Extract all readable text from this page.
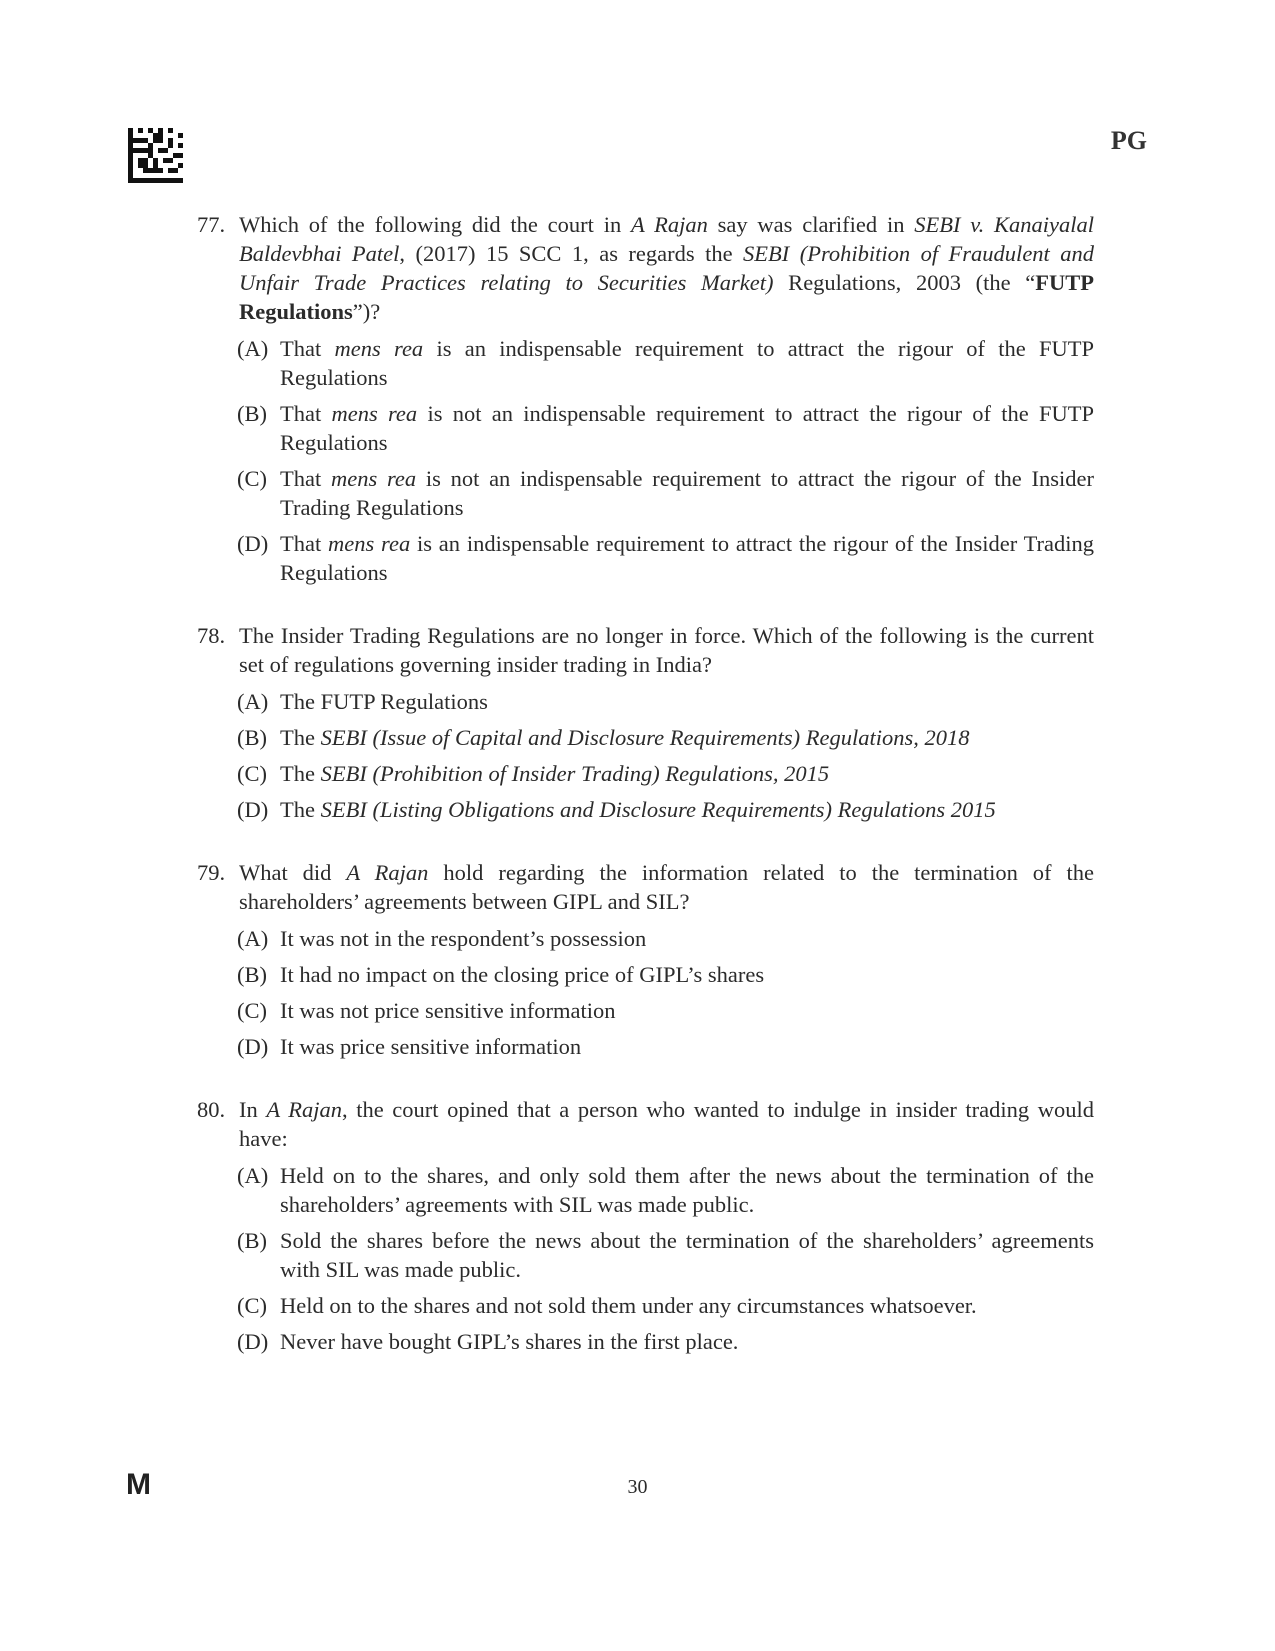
PG
77. Which of the following did the court in A Rajan say was clarified in SEBI v. Kanaiyalal Baldevbhai Patel, (2017) 15 SCC 1, as regards the SEBI (Prohibition of Fraudulent and Unfair Trade Practices relating to Securities Market) Regulations, 2003 (the “FUTP Regulations”)?
(A) That mens rea is an indispensable requirement to attract the rigour of the FUTP Regulations
(B) That mens rea is not an indispensable requirement to attract the rigour of the FUTP Regulations
(C) That mens rea is not an indispensable requirement to attract the rigour of the Insider Trading Regulations
(D) That mens rea is an indispensable requirement to attract the rigour of the Insider Trading Regulations
78. The Insider Trading Regulations are no longer in force. Which of the following is the current set of regulations governing insider trading in India?
(A) The FUTP Regulations
(B) The SEBI (Issue of Capital and Disclosure Requirements) Regulations, 2018
(C) The SEBI (Prohibition of Insider Trading) Regulations, 2015
(D) The SEBI (Listing Obligations and Disclosure Requirements) Regulations 2015
79. What did A Rajan hold regarding the information related to the termination of the shareholders’ agreements between GIPL and SIL?
(A) It was not in the respondent’s possession
(B) It had no impact on the closing price of GIPL’s shares
(C) It was not price sensitive information
(D) It was price sensitive information
80. In A Rajan, the court opined that a person who wanted to indulge in insider trading would have:
(A) Held on to the shares, and only sold them after the news about the termination of the shareholders’ agreements with SIL was made public.
(B) Sold the shares before the news about the termination of the shareholders’ agreements with SIL was made public.
(C) Held on to the shares and not sold them under any circumstances whatsoever.
(D) Never have bought GIPL’s shares in the first place.
M	30
